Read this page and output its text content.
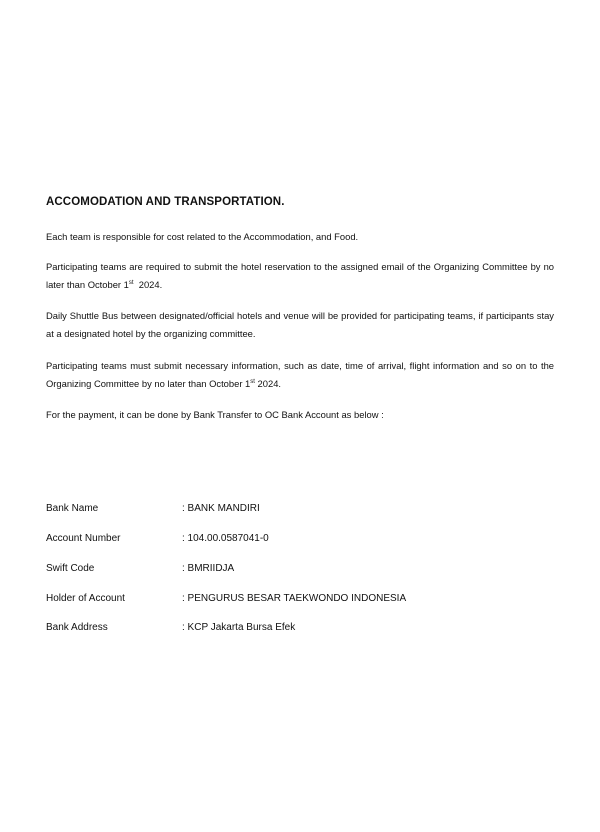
ACCOMODATION AND TRANSPORTATION.

Each team is responsible for cost related to the Accommodation, and Food.

Participating teams are required to submit the hotel reservation to the assigned email of the Organizing Committee by no later than October 1st  2024.

Daily Shuttle Bus between designated/official hotels and venue will be provided for participating teams, if participants stay at a designated hotel by the organizing committee.

Participating teams must submit necessary information, such as date, time of arrival, flight information and so on to the Organizing Committee by no later than October 1st 2024.

For the payment, it can be done by Bank Transfer to OC Bank Account as below :

Bank Name	: BANK MANDIRI
Account Number	: 104.00.0587041-0
Swift Code	: BMRIIDJA
Holder of Account	: PENGURUS BESAR TAEKWONDO INDONESIA
Bank Address	: KCP Jakarta Bursa Efek
